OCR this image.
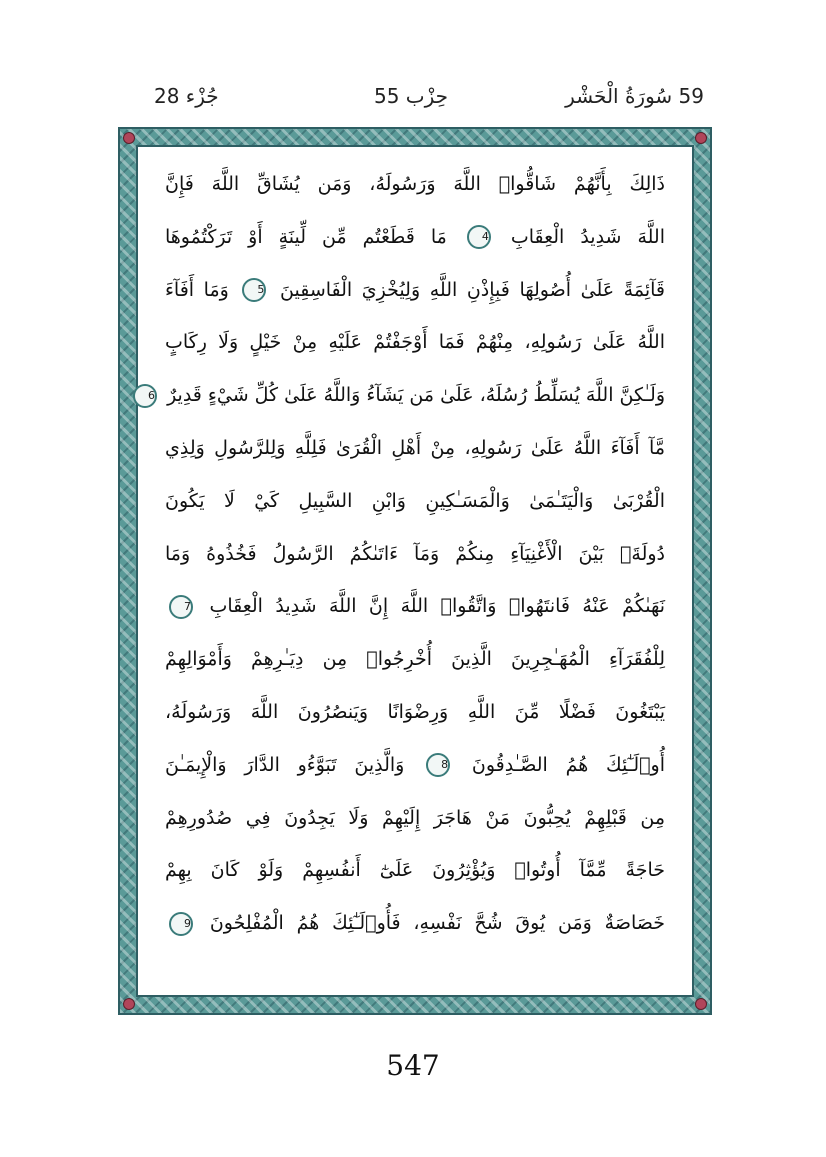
جُزْء 28	حِزْب 55	59 سُورَةُ الْحَشْر
ذَالِكَ بِأَنَّهُمْ شَاقُّوا۟ اللَّهَ وَرَسُولَهُ، وَمَن يُشَاقِّ اللَّهَ فَإِنَّ
اللَّهَ شَدِيدُ الْعِقَابِ 4 مَا قَطَعْتُم مِّن لِّينَةٍ أَوْ تَرَكْتُمُوهَا
قَآئِمَةً عَلَىٰ أُصُولِهَا فَبِإِذْنِ اللَّهِ وَلِيُخْزِيَ الْفَاسِقِينَ 5 وَمَا أَفَآءَ
اللَّهُ عَلَىٰ رَسُولِهِ، مِنْهُمْ فَمَا أَوْجَفْتُمْ عَلَيْهِ مِنْ خَيْلٍ وَلَا رِكَابٍ
وَلَـٰكِنَّ اللَّهَ يُسَلِّطُ رُسُلَهُ، عَلَىٰ مَن يَشَآءُ وَاللَّهُ عَلَىٰ كُلِّ شَيْءٍ قَدِيرٌ 6
مَّآ أَفَآءَ اللَّهُ عَلَىٰ رَسُولِهِ، مِنْ أَهْلِ الْقُرَىٰ فَلِلَّهِ وَلِلرَّسُولِ وَلِذِي
الْقُرْبَىٰ وَالْيَتَـٰمَىٰ وَالْمَسَـٰكِينِ وَابْنِ السَّبِيلِ كَيْ لَا يَكُونَ
دُولَةَۢ بَيْنَ الْأَغْنِيَآءِ مِنكُمْ وَمَآ ءَاتَىٰكُمُ الرَّسُولُ فَخُذُوهُ وَمَا
نَهَىٰكُمْ عَنْهُ فَانتَهُوا۟ وَاتَّقُوا۟ اللَّهَ إِنَّ اللَّهَ شَدِيدُ الْعِقَابِ 7
لِلْفُقَرَآءِ الْمُهَـٰجِرِينَ الَّذِينَ أُخْرِجُوا۟ مِن دِيَـٰرِهِمْ وَأَمْوَالِهِمْ
يَبْتَغُونَ فَضْلًا مِّنَ اللَّهِ وَرِضْوَانًا وَيَنصُرُونَ اللَّهَ وَرَسُولَهُ،
أُو۟لَـٰٓئِكَ هُمُ الصَّـٰدِقُونَ 8 وَالَّذِينَ تَبَوَّءُو الدَّارَ وَالْإِيمَـٰنَ
مِن قَبْلِهِمْ يُحِبُّونَ مَنْ هَاجَرَ إِلَيْهِمْ وَلَا يَجِدُونَ فِي صُدُورِهِمْ
حَاجَةً مِّمَّآ أُوتُوا۟ وَيُؤْثِرُونَ عَلَىٰٓ أَنفُسِهِمْ وَلَوْ كَانَ بِهِمْ
خَصَاصَةٌ وَمَن يُوقَ شُحَّ نَفْسِهِ، فَأُو۟لَـٰٓئِكَ هُمُ الْمُفْلِحُونَ 9
547
